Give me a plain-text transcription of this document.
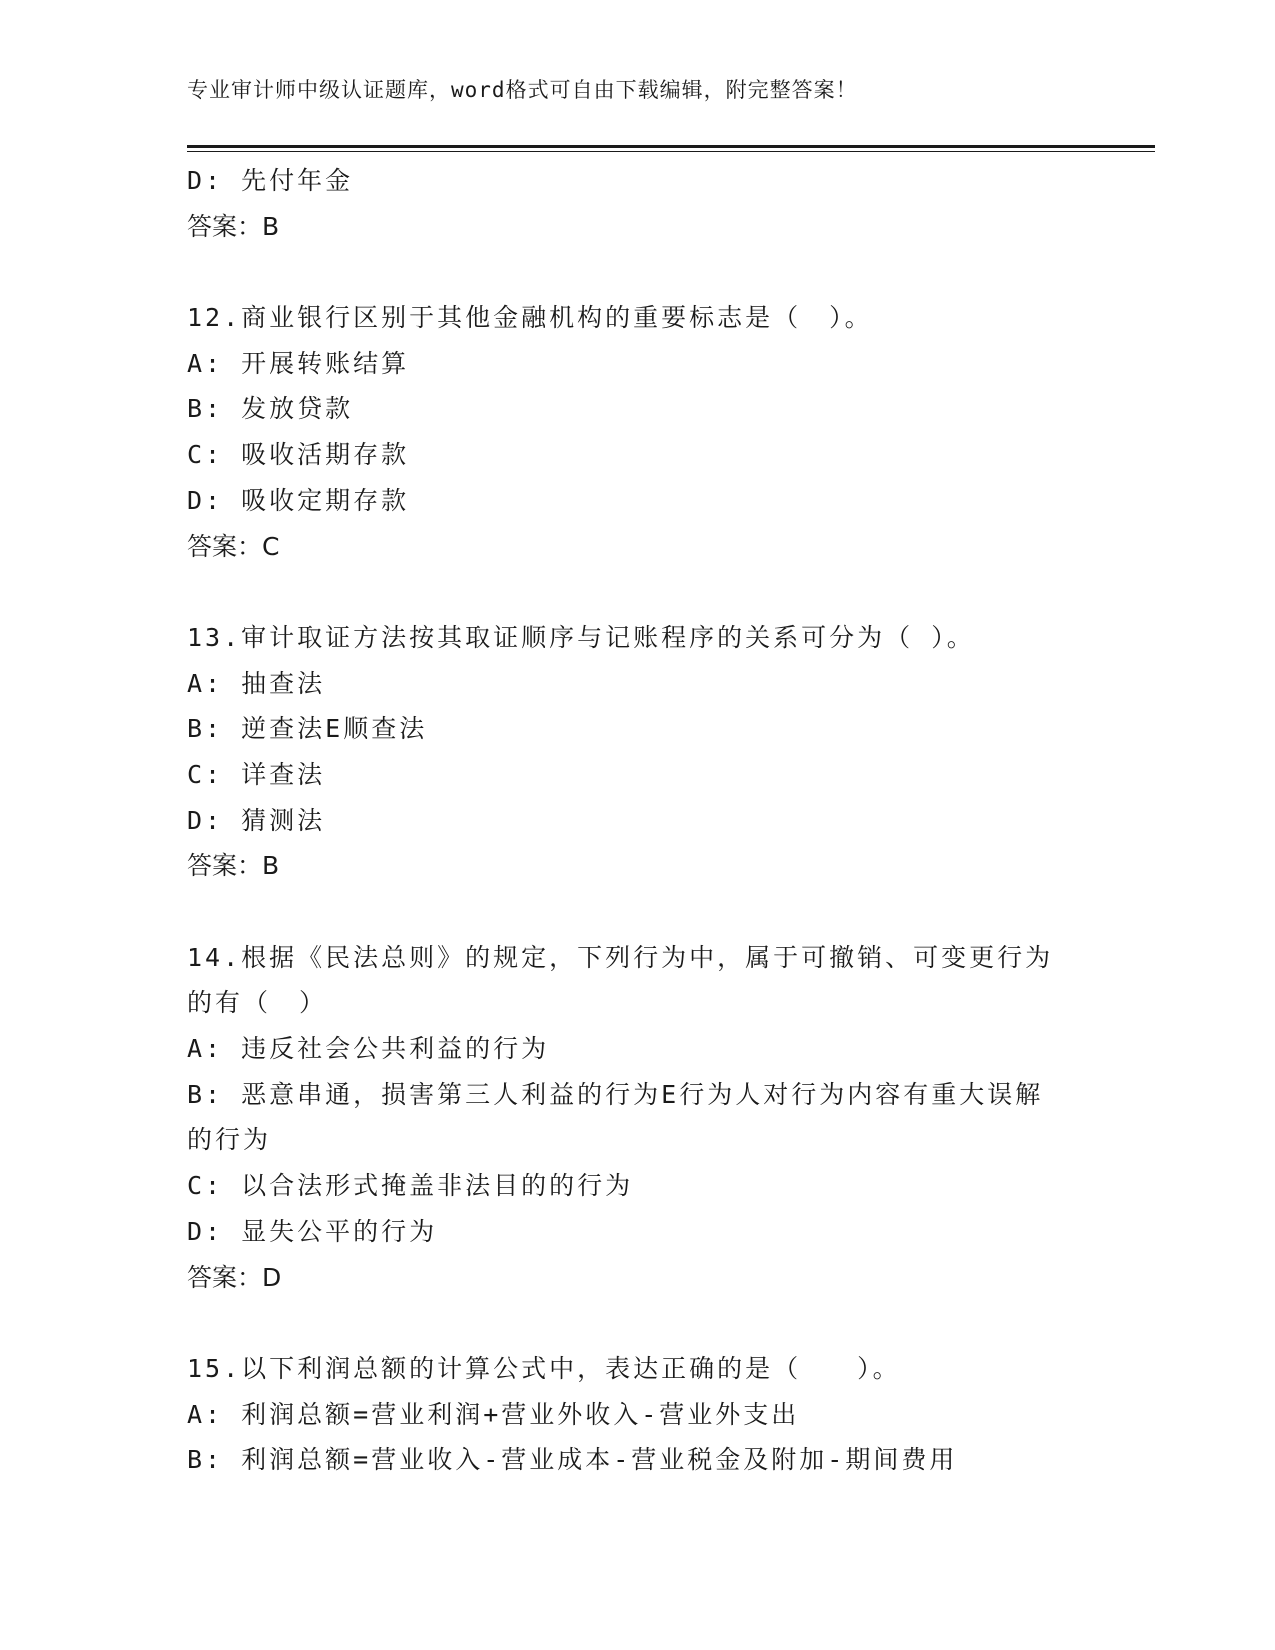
专业审计师中级认证题库，word格式可自由下载编辑，附完整答案！
D: 先付年金
答案：B
12.商业银行区别于其他金融机构的重要标志是（　）。
A: 开展转账结算
B: 发放贷款
C: 吸收活期存款
D: 吸收定期存款
答案：C
13.审计取证方法按其取证顺序与记账程序的关系可分为（ ）。
A: 抽查法
B: 逆查法E顺查法
C: 详查法
D: 猜测法
答案：B
14.根据《民法总则》的规定，下列行为中，属于可撤销、可变更行为
的有（　）
A: 违反社会公共利益的行为
B: 恶意串通，损害第三人利益的行为E行为人对行为内容有重大误解
的行为
C: 以合法形式掩盖非法目的的行为
D: 显失公平的行为
答案：D
15.以下利润总额的计算公式中，表达正确的是（　　）。
A: 利润总额=营业利润+营业外收入-营业外支出
B: 利润总额=营业收入-营业成本-营业税金及附加-期间费用
